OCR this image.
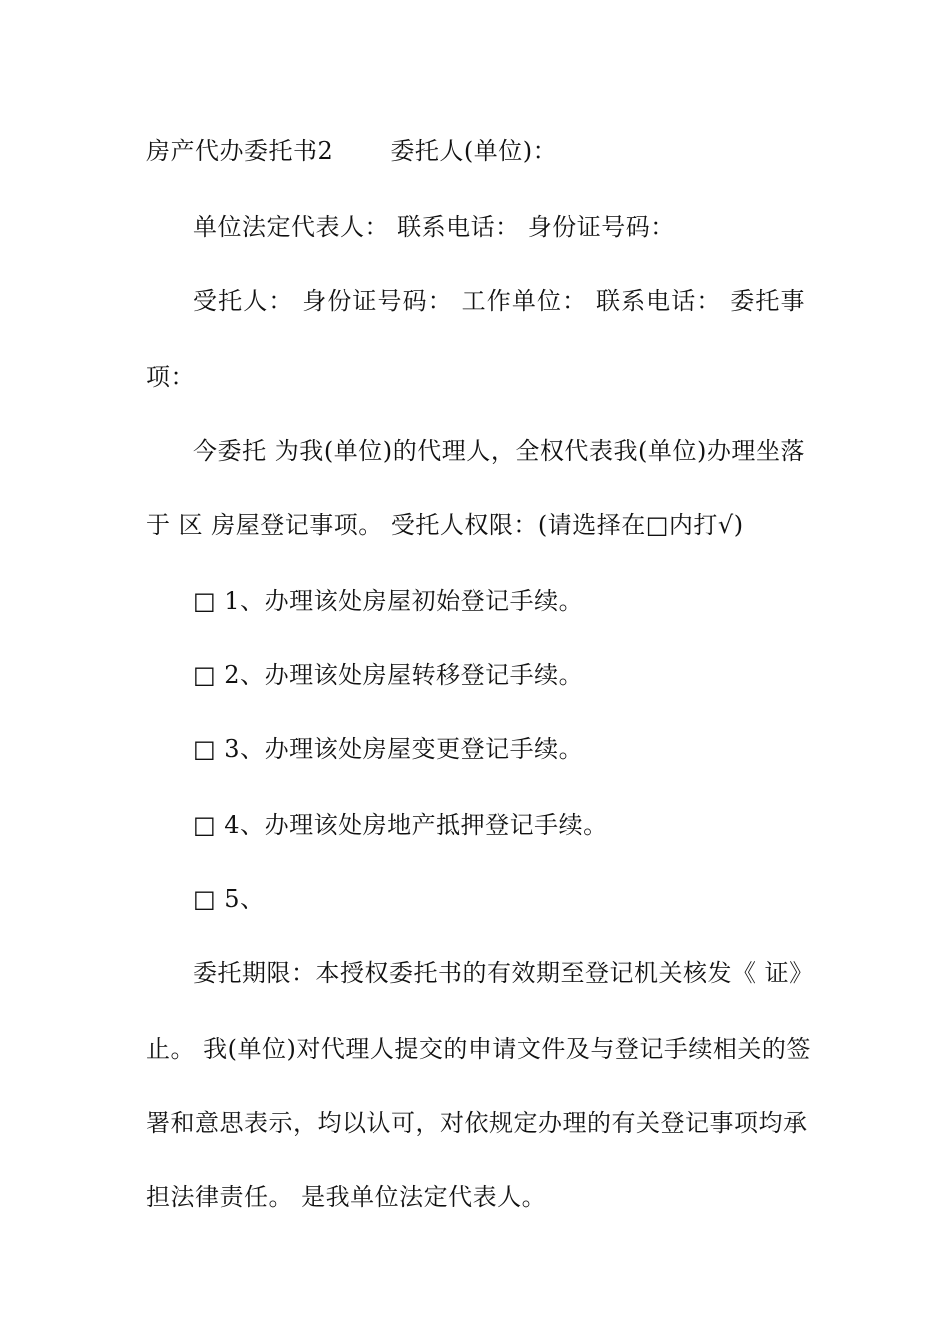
房产代办委托书2　　 委托人(单位)：
单位法定代表人： 联系电话： 身份证号码：
受托人： 身份证号码： 工作单位： 联系电话： 委托事
项：
今委托 为我(单位)的代理人，全权代表我(单位)办理坐落
于 区 房屋登记事项。 受托人权限：(请选择在□内打√)
□ 1、办理该处房屋初始登记手续。
□ 2、办理该处房屋转移登记手续。
□ 3、办理该处房屋变更登记手续。
□ 4、办理该处房地产抵押登记手续。
□ 5、
委托期限：本授权委托书的有效期至登记机关核发《 证》
止。 我(单位)对代理人提交的申请文件及与登记手续相关的签
署和意思表示，均以认可，对依规定办理的有关登记事项均承
担法律责任。 是我单位法定代表人。
